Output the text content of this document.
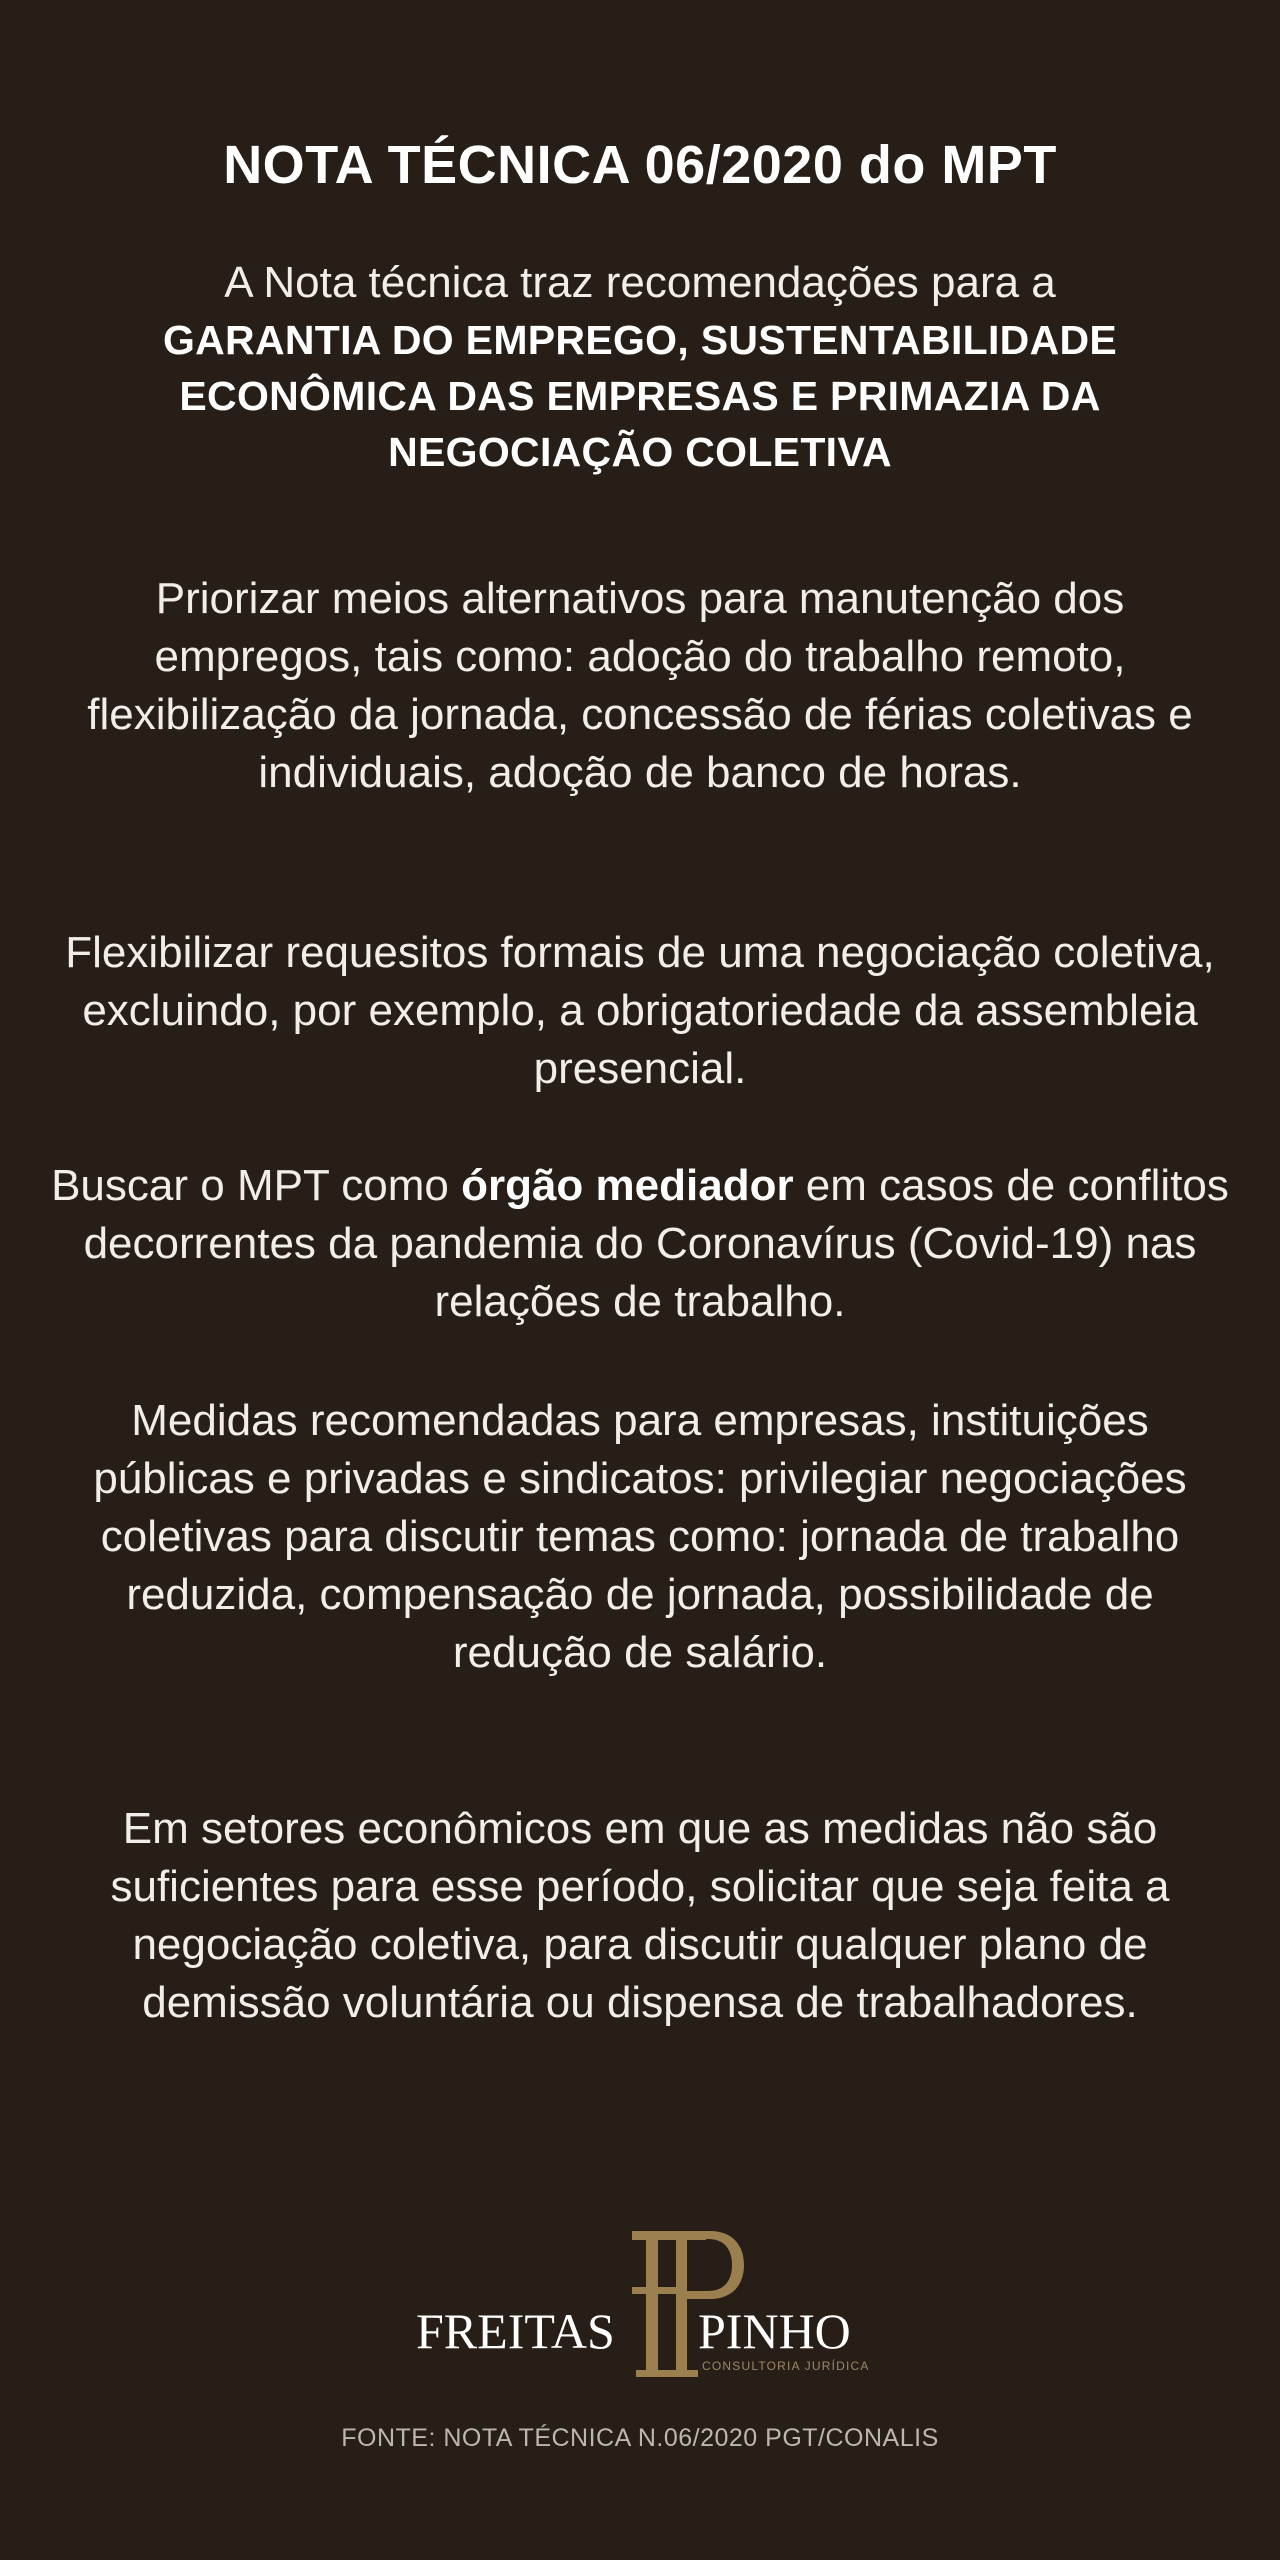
NOTA TÉCNICA 06/2020 do MPT
A Nota técnica traz recomendações para a
GARANTIA DO EMPREGO, SUSTENTABILIDADE
ECONÔMICA DAS EMPRESAS E PRIMAZIA DA
NEGOCIAÇÃO COLETIVA
Priorizar meios alternativos para manutenção dos empregos, tais como: adoção do trabalho remoto, flexibilização da jornada, concessão de férias coletivas e individuais, adoção de banco de horas.
Flexibilizar requesitos formais de uma negociação coletiva, excluindo, por exemplo, a obrigatoriedade da assembleia presencial.
Buscar o MPT como órgão mediador em casos de conflitos decorrentes da pandemia do Coronavírus (Covid-19) nas relações de trabalho.
Medidas recomendadas para empresas, instituições públicas e privadas e sindicatos: privilegiar negociações coletivas para discutir temas como: jornada de trabalho reduzida, compensação de jornada, possibilidade de redução de salário.
Em setores econômicos em que as medidas não são suficientes para esse período, solicitar que seja feita a negociação coletiva, para discutir qualquer plano de demissão voluntária ou dispensa de trabalhadores.
FREITAS PINHO
CONSULTORIA JURÍDICA
FONTE: NOTA TÉCNICA N.06/2020 PGT/CONALIS
